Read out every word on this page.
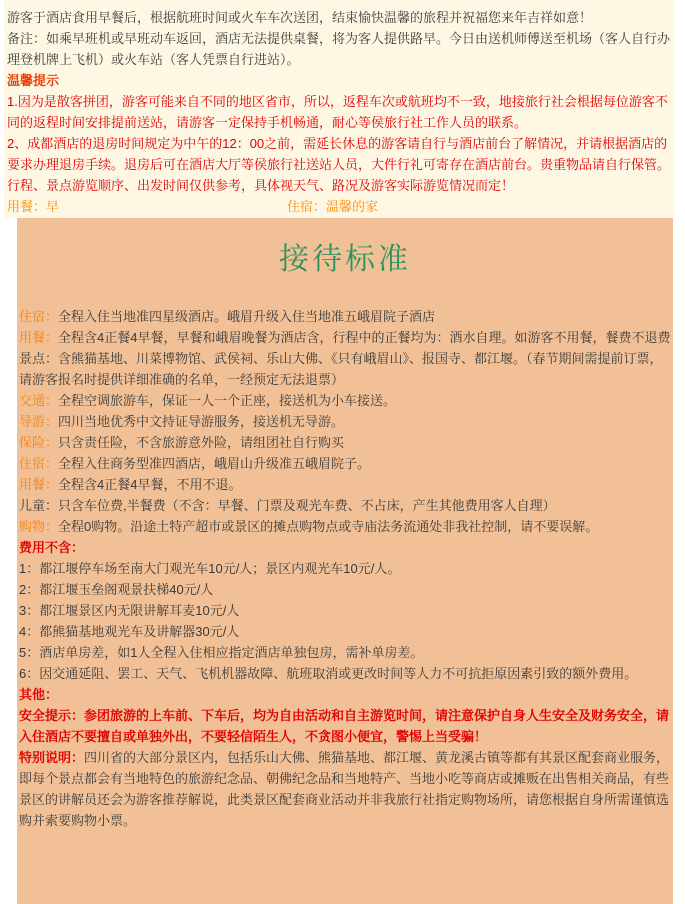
游客于酒店食用早餐后，根据航班时间或火车车次送团，结束愉快温馨的旅程并祝福您来年吉祥如意！

备注：如乘早班机或早班动车返回，酒店无法提供桌餐，将为客人提供路早。今日由送机师傅送至机场（客人自行办理登机牌上飞机）或火车站（客人凭票自行进站）。

温馨提示

1.因为是散客拼团，游客可能来自不同的地区省市，所以，返程车次或航班均不一致，地接旅行社会根据每位游客不同的返程时间安排提前送站，请游客一定保持手机畅通，耐心等侯旅行社工作人员的联系。

2、成都酒店的退房时间规定为中午的12：00之前，需延长休息的游客请自行与酒店前台了解情况，并请根据酒店的要求办理退房手续。退房后可在酒店大厅等侯旅行社送站人员，大件行礼可寄存在酒店前台。贵重物品请自行保管。

行程、景点游览顺序、出发时间仅供参考，具体视天气、路况及游客实际游览情况而定！

用餐：早	住宿：温馨的家
接待标准

住宿：全程入住当地准四星级酒店。峨眉升级入住当地准五峨眉院子酒店

用餐：全程含4正餐4早餐，早餐和峨眉晚餐为酒店含，行程中的正餐均为：酒水自理。如游客不用餐，餐费不退费

景点：含熊猫基地、川菜博物馆、武侯祠、乐山大佛、《只有峨眉山》、报国寺、都江堰。（春节期间需提前订票，请游客报名时提供详细准确的名单，一经预定无法退票）

交通：全程空调旅游车，保证一人一个正座，接送机为小车接送。

导游：四川当地优秀中文持证导游服务，接送机无导游。

保险：只含责任险，不含旅游意外险，请组团社自行购买

住宿：全程入住商务型准四酒店，峨眉山升级准五峨眉院子。

用餐：全程含4正餐4早餐，不用不退。

儿童：只含车位费,半餐费（不含：早餐、门票及观光车费、不占床，产生其他费用客人自理）

购物：全程0购物。沿途土特产超市或景区的摊点购物点或寺庙法务流通处非我社控制，请不要误解。

费用不含：

1：都江堰停车场至南大门观光车10元/人；景区内观光车10元/人。

2：都江堰玉垒阁观景扶梯40元/人

3：都江堰景区内无限讲解耳麦10元/人

4：都熊猫基地观光车及讲解器30元/人

5：酒店单房差，如1人全程入住相应指定酒店单独包房，需补单房差。

6：因交通延阻、罢工、天气、飞机机器故障、航班取消或更改时间等人力不可抗拒原因素引致的额外费用。

其他：

安全提示：参团旅游的上车前、下车后，均为自由活动和自主游览时间，请注意保护自身人生安全及财务安全，请入住酒店不要擅自或单独外出，不要轻信陌生人，不贪图小便宜，警惕上当受骗！

特别说明：四川省的大部分景区内，包括乐山大佛、熊猫基地、都江堰、黄龙溪古镇等都有其景区配套商业服务，即每个景点都会有当地特色的旅游纪念品、朝佛纪念品和当地特产、当地小吃等商店或摊贩在出售相关商品，有些景区的讲解员还会为游客推荐解说，此类景区配套商业活动并非我旅行社指定购物场所，请您根据自身所需谨慎选购并索要购物小票。
